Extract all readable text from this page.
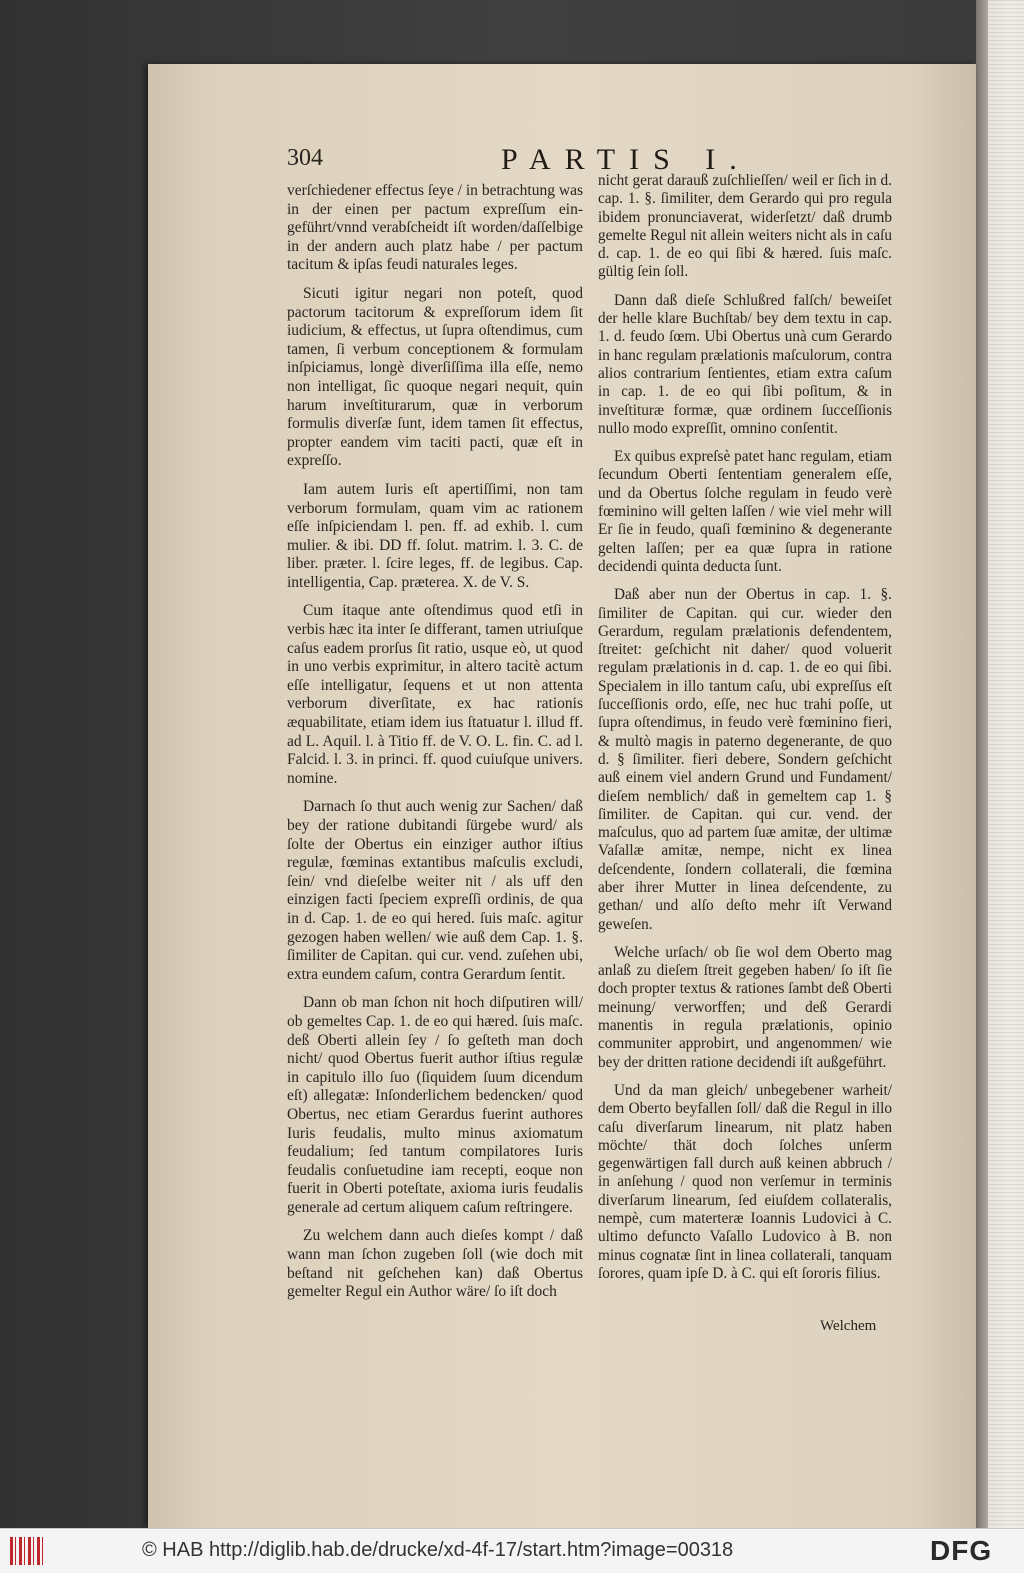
304	PARTIS I.

verſchiedener effectus ſeye / in betrachtung was in der einen per pactum expreſſum ein-geführt/vnnd verabſcheidt iſt worden/daſſelbige in der andern auch platz habe / per pactum tacitum & ipſas feudi naturales leges.

Sicuti igitur negari non poteſt, quod pactorum tacitorum & expreſſorum idem ſit iudicium, & effectus, ut ſupra oſtendimus, cum tamen, ſi verbum conceptionem & formulam inſpiciamus, longè diverſiſſima illa eſſe, nemo non intelligat, ſic quoque negari nequit, quin harum inveſtiturarum, quæ in verborum formulis diverſæ ſunt, idem tamen ſit effectus, propter eandem vim taciti pacti, quæ eſt in expreſſo.

Iam autem Iuris eſt apertiſſimi, non tam verborum formulam, quam vim ac rationem eſſe inſpiciendam l. pen. ff. ad exhib. l. cum mulier. & ibi. DD ff. ſolut. matrim. l. 3. C. de liber. præter. l. ſcire leges, ff. de legibus. Cap. intelligentia, Cap. præterea. X. de V. S.

Cum itaque ante oſtendimus quod etſi in verbis hæc ita inter ſe differant, tamen utriuſque caſus eadem prorſus ſit ratio, usque eò, ut quod in uno verbis exprimitur, in altero tacitè actum eſſe intelligatur, ſequens et ut non attenta verborum diverſitate, ex hac rationis æquabilitate, etiam idem ius ſtatuatur l. illud ff. ad L. Aquil. l. à Titio ff. de V. O. L. fin. C. ad l. Falcid. l. 3. in princi. ff. quod cuiuſque univers. nomine.

Darnach ſo thut auch wenig zur Sachen/ daß bey der ratione dubitandi ſürgebe wurd/ als ſolte der Obertus ein einziger author iſtius regulæ, fœminas extantibus maſculis excludi, ſein/ vnd dieſelbe weiter nit / als uff den einzigen facti ſpeciem expreſſi ordinis, de qua in d. Cap. 1. de eo qui hered. ſuis maſc. agitur gezogen haben wellen/ wie auß dem Cap. 1. §. ſimiliter de Capitan. qui cur. vend. zuſehen ubi, extra eundem caſum, contra Gerardum ſentit.

Dann ob man ſchon nit hoch diſputiren will/ ob gemeltes Cap. 1. de eo qui hæred. ſuis maſc. deß Oberti allein ſey / ſo geſteth man doch nicht/ quod Obertus fuerit author iſtius regulæ in capitulo illo ſuo (ſiquidem ſuum dicendum eſt) allegatæ: Inſonderlichem bedencken/ quod Obertus, nec etiam Gerardus fuerint authores Iuris feudalis, multo minus axiomatum feudalium; ſed tantum compilatores Iuris feudalis conſuetudine iam recepti, eoque non fuerit in Oberti poteſtate, axioma iuris feudalis generale ad certum aliquem caſum reſtringere.

Zu welchem dann auch dieſes kompt / daß wann man ſchon zugeben ſoll (wie doch mit beſtand nit geſchehen kan) daß Obertus gemelter Regul ein Author wäre/ ſo iſt doch

nicht gerat darauß zuſchlieſſen/ weil er ſich in d. cap. 1. §. ſimiliter, dem Gerardo qui pro regula ibidem pronunciaverat, widerſetzt/ daß drumb gemelte Regul nit allein weiters nicht als in caſu d. cap. 1. de eo qui ſibi & hæred. ſuis maſc. gültig ſein ſoll.

Dann daß dieſe Schlußred falſch/ beweiſet der helle klare Buchſtab/ bey dem textu in cap. 1. d. feudo ſœm. Ubi Obertus unà cum Gerardo in hanc regulam prælationis maſculorum, contra alios contrarium ſentientes, etiam extra caſum in cap. 1. de eo qui ſibi poſitum, & in inveſtituræ formæ, quæ ordinem ſucceſſionis nullo modo expreſſit, omnino conſentit.

Ex quibus expreſsè patet hanc regulam, etiam ſecundum Oberti ſententiam generalem eſſe, und da Obertus ſolche regulam in feudo verè fœminino will gelten laſſen / wie viel mehr will Er ſie in feudo, quaſi fœminino & degenerante gelten laſſen; per ea quæ ſupra in ratione decidendi quinta deducta ſunt.

Daß aber nun der Obertus in cap. 1. §. ſimiliter de Capitan. qui cur. wieder den Gerardum, regulam prælationis defendentem, ſtreitet: geſchicht nit daher/ quod voluerit regulam prælationis in d. cap. 1. de eo qui ſibi. Specialem in illo tantum caſu, ubi expreſſus eſt ſucceſſionis ordo, eſſe, nec huc trahi poſſe, ut ſupra oſtendimus, in feudo verè fœminino fieri, & multò magis in paterno degenerante, de quo d. § ſimiliter. fieri debere, Sondern geſchicht auß einem viel andern Grund und Fundament/ dieſem nemblich/ daß in gemeltem cap 1. § ſimiliter. de Capitan. qui cur. vend. der maſculus, quo ad partem ſuæ amitæ, der ultimæ Vaſallæ amitæ, nempe, nicht ex linea deſcendente, ſondern collaterali, die fœmina aber ihrer Mutter in linea deſcendente, zu gethan/ und alſo deſto mehr iſt Verwand geweſen.

Welche urſach/ ob ſie wol dem Oberto mag anlaß zu dieſem ſtreit gegeben haben/ ſo iſt ſie doch propter textus & rationes ſambt deß Oberti meinung/ verworffen; und deß Gerardi manentis in regula prælationis, opinio communiter approbirt, und angenommen/ wie bey der dritten ratione decidendi iſt außgeführt.

Und da man gleich/ unbegebener warheit/ dem Oberto beyfallen ſoll/ daß die Regul in illo caſu diverſarum linearum, nit platz haben möchte/ thät doch ſolches unſerm gegenwärtigen fall durch auß keinen abbruch / in anſehung / quod non verſemur in terminis diverſarum linearum, ſed eiuſdem collateralis, nempè, cum materteræ Ioannis Ludovici à C. ultimo defuncto Vaſallo Ludovico à B. non minus cognatæ ſint in linea collaterali, tanquam ſorores, quam ipſe D. à C. qui eſt ſororis filius.

Welchem
© HAB http://diglib.hab.de/drucke/xd-4f-17/start.htm?image=00318	DFG
